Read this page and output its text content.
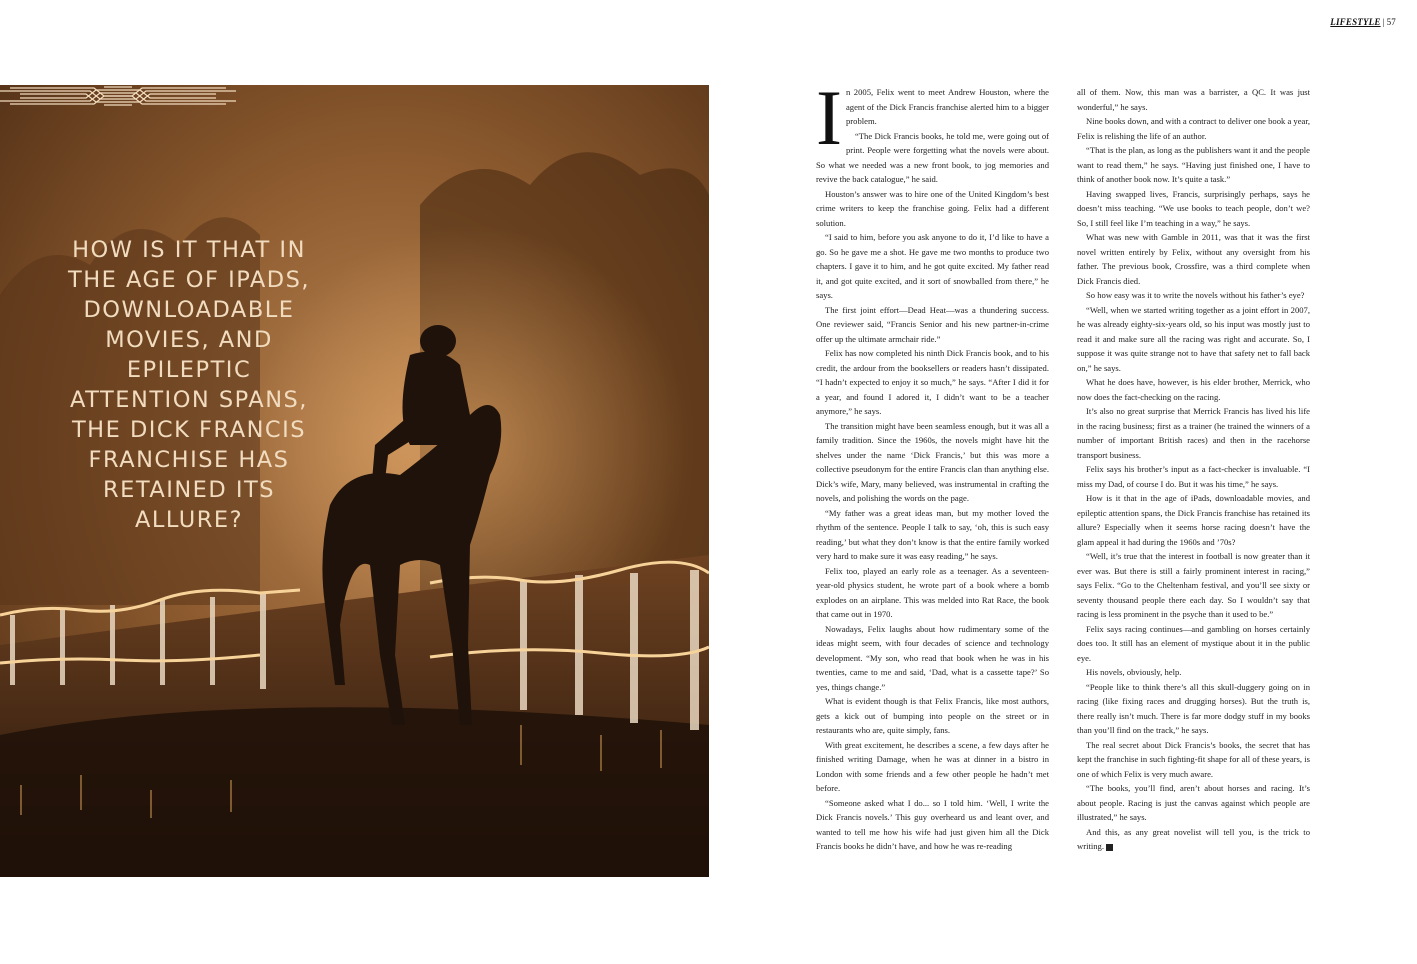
LIFESTYLE | 57
HOW IS IT THAT IN THE AGE OF IPADS, DOWNLOADABLE MOVIES, AND EPILEPTIC ATTENTION SPANS, THE DICK FRANCIS FRANCHISE HAS RETAINED ITS ALLURE?

In 2005, Felix went to meet Andrew Houston, where the agent of the Dick Francis franchise alerted him to a bigger problem.

“The Dick Francis books, he told me, were going out of print. People were forgetting what the novels were about. So what we needed was a new front book, to jog memories and revive the back catalogue,” he said.

Houston’s answer was to hire one of the United Kingdom’s best crime writers to keep the franchise going. Felix had a different solution.

“I said to him, before you ask anyone to do it, I’d like to have a go. So he gave me a shot. He gave me two months to produce two chapters. I gave it to him, and he got quite excited. My father read it, and got quite excited, and it sort of snowballed from there,” he says.

The first joint effort—Dead Heat—was a thundering success. One reviewer said, “Francis Senior and his new partner-in-crime offer up the ultimate armchair ride.”

Felix has now completed his ninth Dick Francis book, and to his credit, the ardour from the booksellers or readers hasn’t dissipated. “I hadn’t expected to enjoy it so much,” he says. “After I did it for a year, and found I adored it, I didn’t want to be a teacher anymore,” he says.

The transition might have been seamless enough, but it was all a family tradition. Since the 1960s, the novels might have hit the shelves under the name ‘Dick Francis,’ but this was more a collective pseudonym for the entire Francis clan than anything else. Dick’s wife, Mary, many believed, was instrumental in crafting the novels, and polishing the words on the page.

“My father was a great ideas man, but my mother loved the rhythm of the sentence. People I talk to say, ‘oh, this is such easy reading,’ but what they don’t know is that the entire family worked very hard to make sure it was easy reading,” he says.

Felix too, played an early role as a teenager. As a seventeen-year-old physics student, he wrote part of a book where a bomb explodes on an airplane. This was melded into Rat Race, the book that came out in 1970.

Nowadays, Felix laughs about how rudimentary some of the ideas might seem, with four decades of science and technology development. “My son, who read that book when he was in his twenties, came to me and said, ‘Dad, what is a cassette tape?’ So yes, things change.”

What is evident though is that Felix Francis, like most authors, gets a kick out of bumping into people on the street or in restaurants who are, quite simply, fans.

With great excitement, he describes a scene, a few days after he finished writing Damage, when he was at dinner in a bistro in London with some friends and a few other people he hadn’t met before.

“Someone asked what I do... so I told him. ‘Well, I write the Dick Francis novels.’ This guy overheard us and leant over, and wanted to tell me how his wife had just given him all the Dick Francis books he didn’t have, and how he was re-reading

all of them. Now, this man was a barrister, a QC. It was just wonderful,” he says.

Nine books down, and with a contract to deliver one book a year, Felix is relishing the life of an author.

“That is the plan, as long as the publishers want it and the people want to read them,” he says. “Having just finished one, I have to think of another book now. It’s quite a task.”

Having swapped lives, Francis, surprisingly perhaps, says he doesn’t miss teaching. “We use books to teach people, don’t we? So, I still feel like I’m teaching in a way,” he says.

What was new with Gamble in 2011, was that it was the first novel written entirely by Felix, without any oversight from his father. The previous book, Crossfire, was a third complete when Dick Francis died.

So how easy was it to write the novels without his father’s eye?

“Well, when we started writing together as a joint effort in 2007, he was already eighty-six-years old, so his input was mostly just to read it and make sure all the racing was right and accurate. So, I suppose it was quite strange not to have that safety net to fall back on,” he says.

What he does have, however, is his elder brother, Merrick, who now does the fact-checking on the racing.

It’s also no great surprise that Merrick Francis has lived his life in the racing business; first as a trainer (he trained the winners of a number of important British races) and then in the racehorse transport business.

Felix says his brother’s input as a fact-checker is invaluable. “I miss my Dad, of course I do. But it was his time,” he says.

How is it that in the age of iPads, downloadable movies, and epileptic attention spans, the Dick Francis franchise has retained its allure? Especially when it seems horse racing doesn’t have the glam appeal it had during the 1960s and ’70s?

“Well, it’s true that the interest in football is now greater than it ever was. But there is still a fairly prominent interest in racing,” says Felix. “Go to the Cheltenham festival, and you’ll see sixty or seventy thousand people there each day. So I wouldn’t say that racing is less prominent in the psyche than it used to be.”

Felix says racing continues—and gambling on horses certainly does too. It still has an element of mystique about it in the public eye.

His novels, obviously, help.

“People like to think there’s all this skull-duggery going on in racing (like fixing races and drugging horses). But the truth is, there really isn’t much. There is far more dodgy stuff in my books than you’ll find on the track,” he says.

The real secret about Dick Francis’s books, the secret that has kept the franchise in such fighting-fit shape for all of these years, is one of which Felix is very much aware.

“The books, you’ll find, aren’t about horses and racing. It’s about people. Racing is just the canvas against which people are illustrated,” he says.

And this, as any great novelist will tell you, is the trick to writing.
